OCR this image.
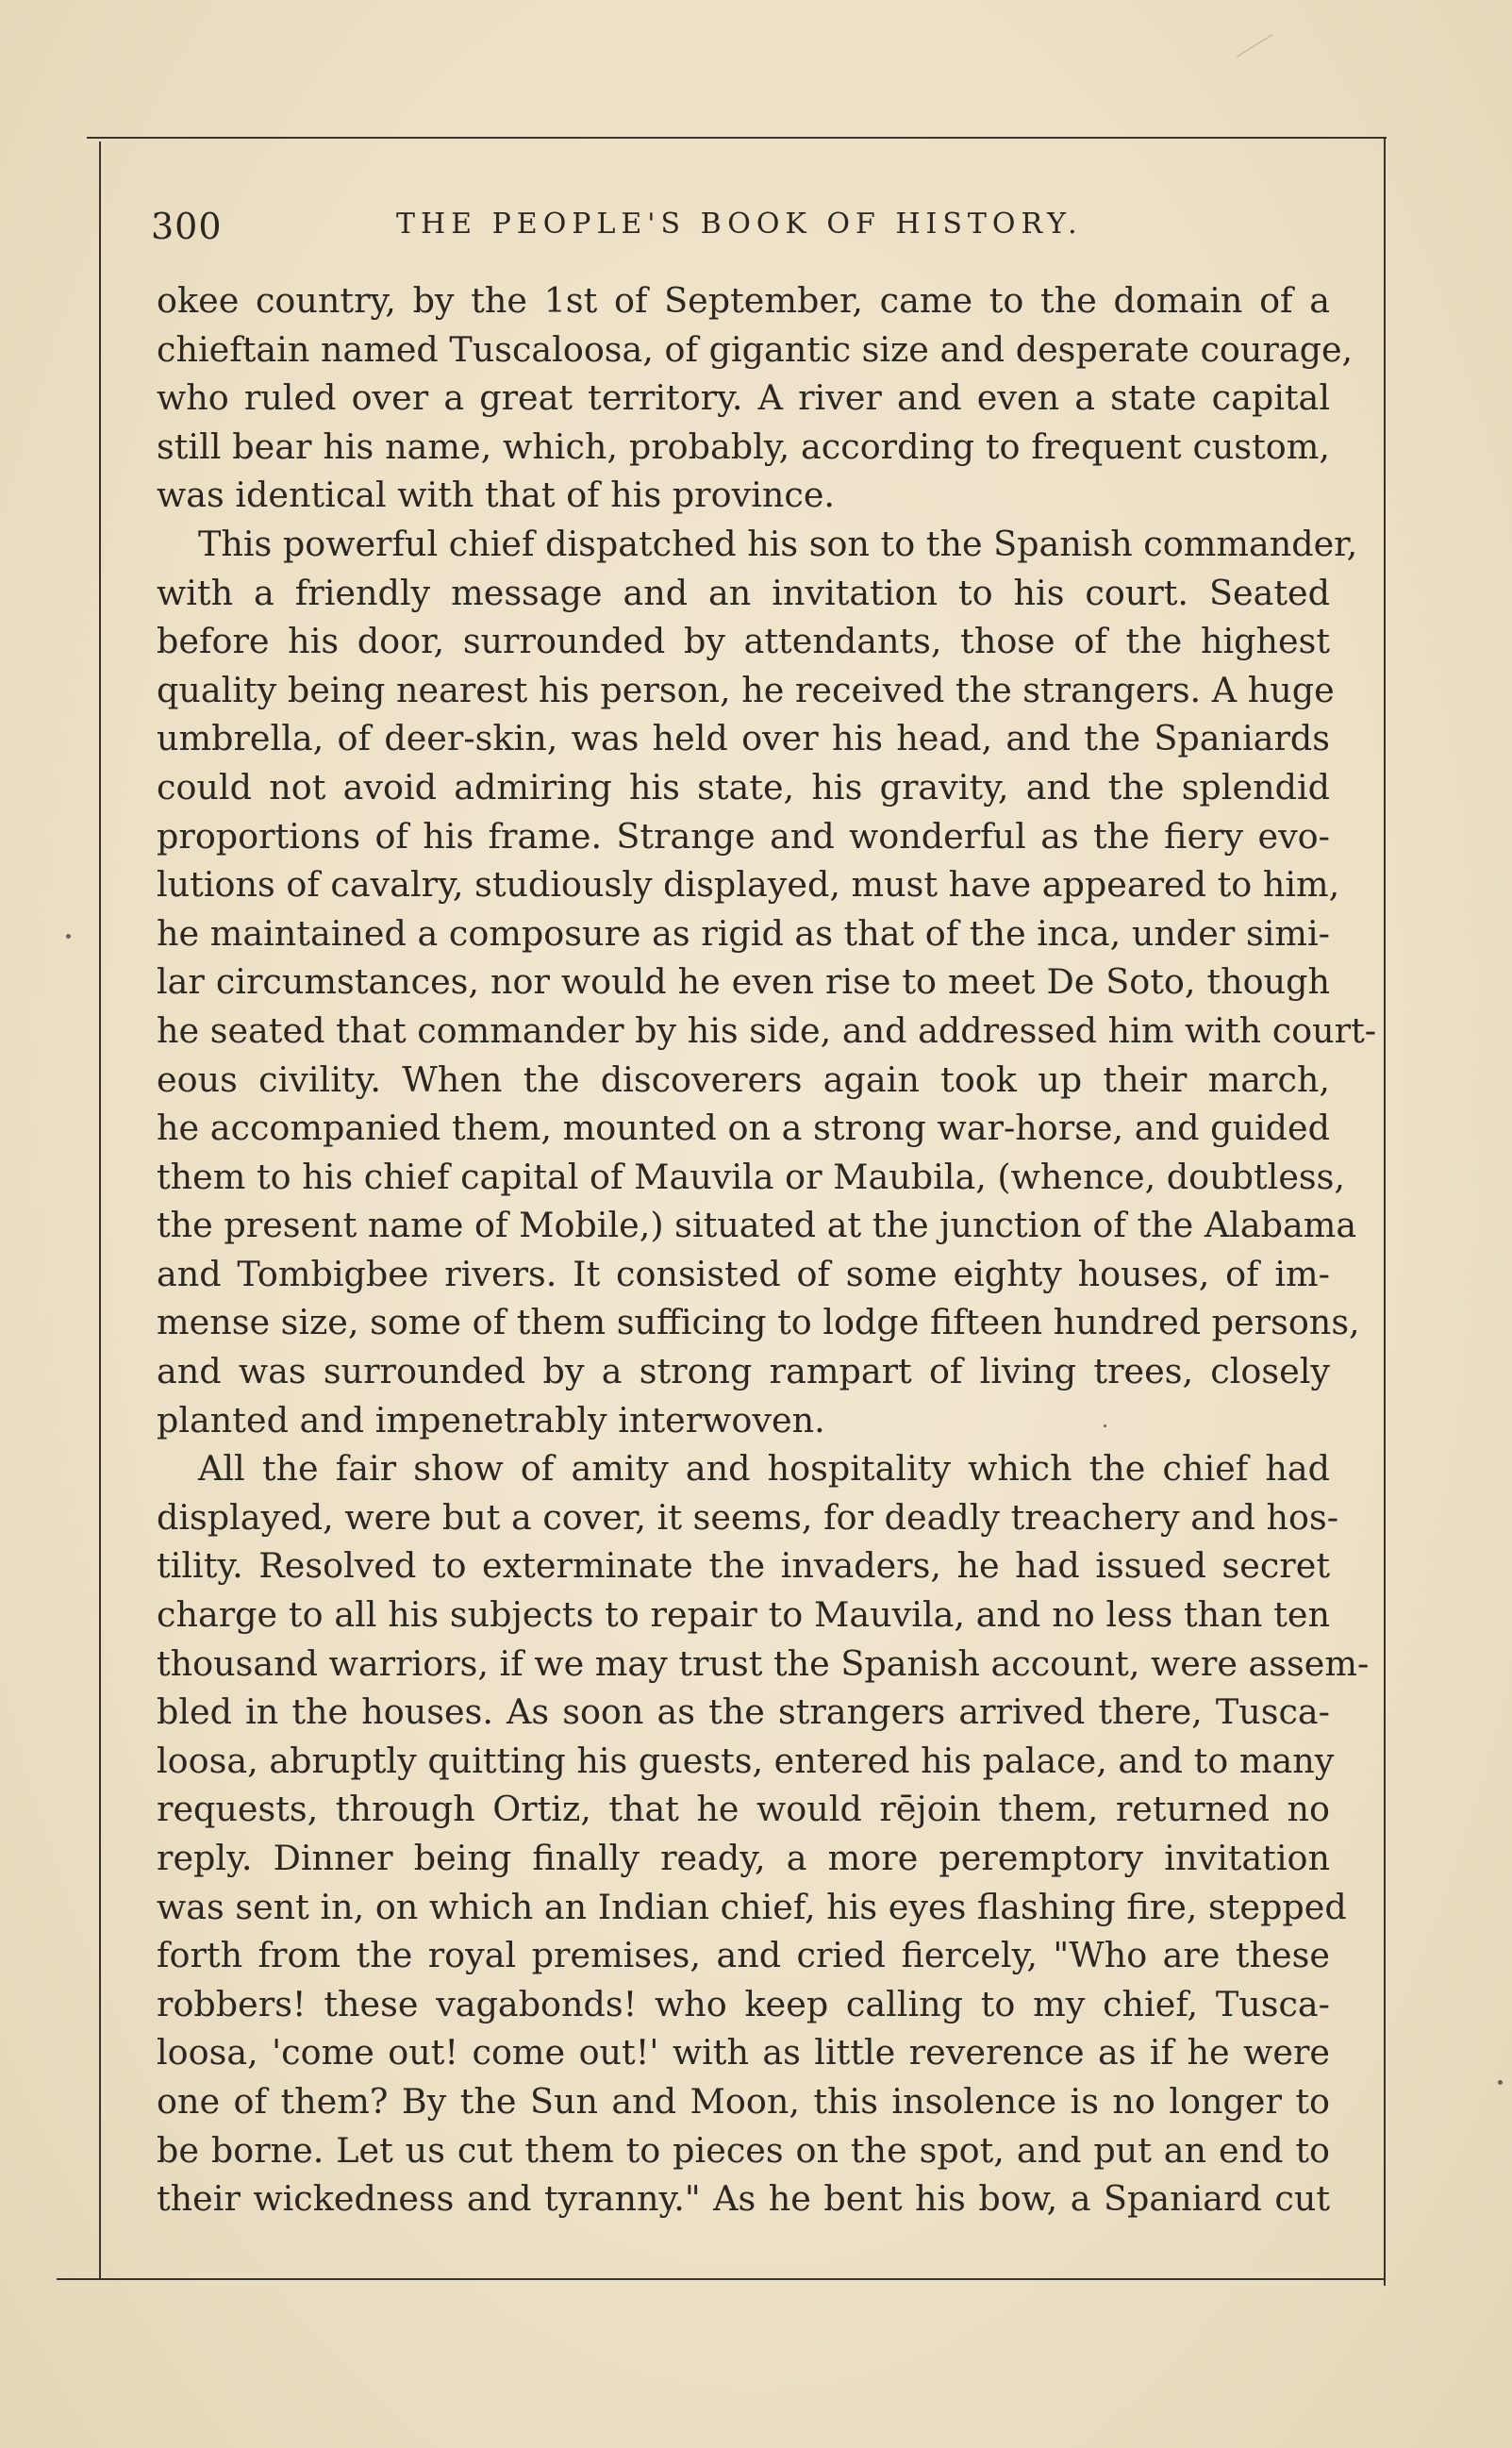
300	THE PEOPLE'S BOOK OF HISTORY.
okee country, by the 1st of September, came to the domain of a
chieftain named Tuscaloosa, of gigantic size and desperate courage,
who ruled over a great territory. A river and even a state capital
still bear his name, which, probably, according to frequent custom,
was identical with that of his province.
This powerful chief dispatched his son to the Spanish commander,
with a friendly message and an invitation to his court. Seated
before his door, surrounded by attendants, those of the highest
quality being nearest his person, he received the strangers. A huge
umbrella, of deer-skin, was held over his head, and the Spaniards
could not avoid admiring his state, his gravity, and the splendid
proportions of his frame. Strange and wonderful as the fiery evo-
lutions of cavalry, studiously displayed, must have appeared to him,
he maintained a composure as rigid as that of the inca, under simi-
lar circumstances, nor would he even rise to meet De Soto, though
he seated that commander by his side, and addressed him with court-
eous civility. When the discoverers again took up their march,
he accompanied them, mounted on a strong war-horse, and guided
them to his chief capital of Mauvila or Maubila, (whence, doubtless,
the present name of Mobile,) situated at the junction of the Alabama
and Tombigbee rivers. It consisted of some eighty houses, of im-
mense size, some of them sufficing to lodge fifteen hundred persons,
and was surrounded by a strong rampart of living trees, closely
planted and impenetrably interwoven.
All the fair show of amity and hospitality which the chief had
displayed, were but a cover, it seems, for deadly treachery and hos-
tility. Resolved to exterminate the invaders, he had issued secret
charge to all his subjects to repair to Mauvila, and no less than ten
thousand warriors, if we may trust the Spanish account, were assem-
bled in the houses. As soon as the strangers arrived there, Tusca-
loosa, abruptly quitting his guests, entered his palace, and to many
requests, through Ortiz, that he would rējoin them, returned no
reply. Dinner being finally ready, a more peremptory invitation
was sent in, on which an Indian chief, his eyes flashing fire, stepped
forth from the royal premises, and cried fiercely, "Who are these
robbers! these vagabonds! who keep calling to my chief, Tusca-
loosa, 'come out! come out!' with as little reverence as if he were
one of them? By the Sun and Moon, this insolence is no longer to
be borne. Let us cut them to pieces on the spot, and put an end to
their wickedness and tyranny." As he bent his bow, a Spaniard cut
